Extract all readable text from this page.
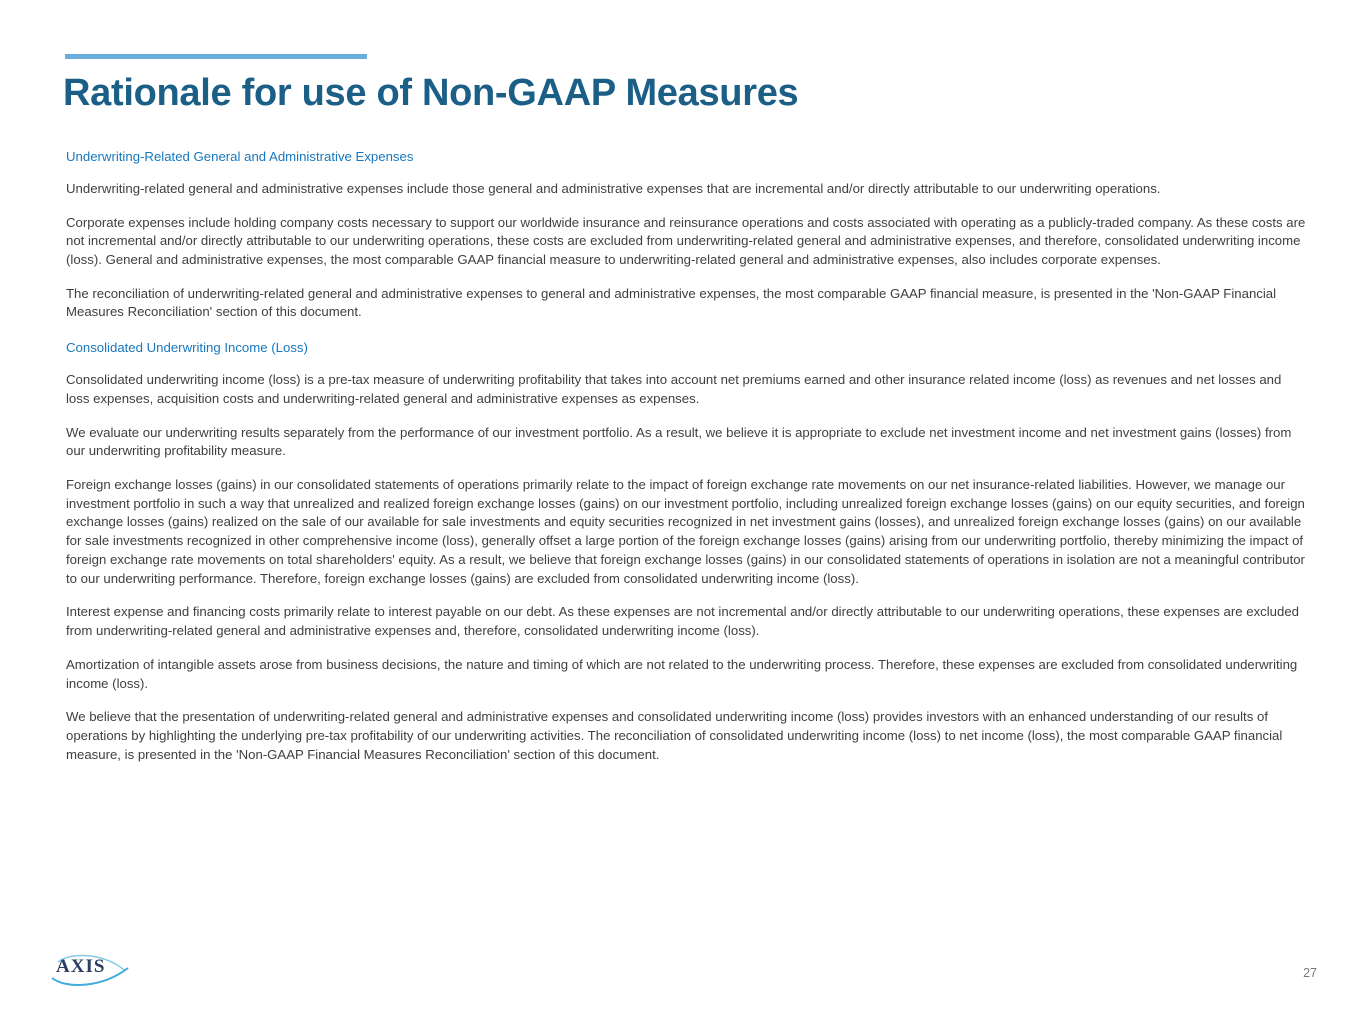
Rationale for use of Non-GAAP Measures
Underwriting-Related General and Administrative Expenses

Underwriting-related general and administrative expenses include those general and administrative expenses that are incremental and/or directly attributable to our underwriting operations.

Corporate expenses include holding company costs necessary to support our worldwide insurance and reinsurance operations and costs associated with operating as a publicly-traded company. As these costs are not incremental and/or directly attributable to our underwriting operations, these costs are excluded from underwriting-related general and administrative expenses, and therefore, consolidated underwriting income (loss). General and administrative expenses, the most comparable GAAP financial measure to underwriting-related general and administrative expenses, also includes corporate expenses.

The reconciliation of underwriting-related general and administrative expenses to general and administrative expenses, the most comparable GAAP financial measure, is presented in the 'Non-GAAP Financial Measures Reconciliation' section of this document.

Consolidated Underwriting Income (Loss)

Consolidated underwriting income (loss) is a pre-tax measure of underwriting profitability that takes into account net premiums earned and other insurance related income (loss) as revenues and net losses and loss expenses, acquisition costs and underwriting-related general and administrative expenses as expenses.

We evaluate our underwriting results separately from the performance of our investment portfolio. As a result, we believe it is appropriate to exclude net investment income and net investment gains (losses) from our underwriting profitability measure.

Foreign exchange losses (gains) in our consolidated statements of operations primarily relate to the impact of foreign exchange rate movements on our net insurance-related liabilities. However, we manage our investment portfolio in such a way that unrealized and realized foreign exchange losses (gains) on our investment portfolio, including unrealized foreign exchange losses (gains) on our equity securities, and foreign exchange losses (gains) realized on the sale of our available for sale investments and equity securities recognized in net investment gains (losses), and unrealized foreign exchange losses (gains) on our available for sale investments recognized in other comprehensive income (loss), generally offset a large portion of the foreign exchange losses (gains) arising from our underwriting portfolio, thereby minimizing the impact of foreign exchange rate movements on total shareholders' equity. As a result, we believe that foreign exchange losses (gains) in our consolidated statements of operations in isolation are not a meaningful contributor to our underwriting performance. Therefore, foreign exchange losses (gains) are excluded from consolidated underwriting income (loss).

Interest expense and financing costs primarily relate to interest payable on our debt. As these expenses are not incremental and/or directly attributable to our underwriting operations, these expenses are excluded from underwriting-related general and administrative expenses and, therefore, consolidated underwriting income (loss).

Amortization of intangible assets arose from business decisions, the nature and timing of which are not related to the underwriting process. Therefore, these expenses are excluded from consolidated underwriting income (loss).

We believe that the presentation of underwriting-related general and administrative expenses and consolidated underwriting income (loss) provides investors with an enhanced understanding of our results of operations by highlighting the underlying pre-tax profitability of our underwriting activities. The reconciliation of consolidated underwriting income (loss) to net income (loss), the most comparable GAAP financial measure, is presented in the 'Non-GAAP Financial Measures Reconciliation' section of this document.

AXIS	27
